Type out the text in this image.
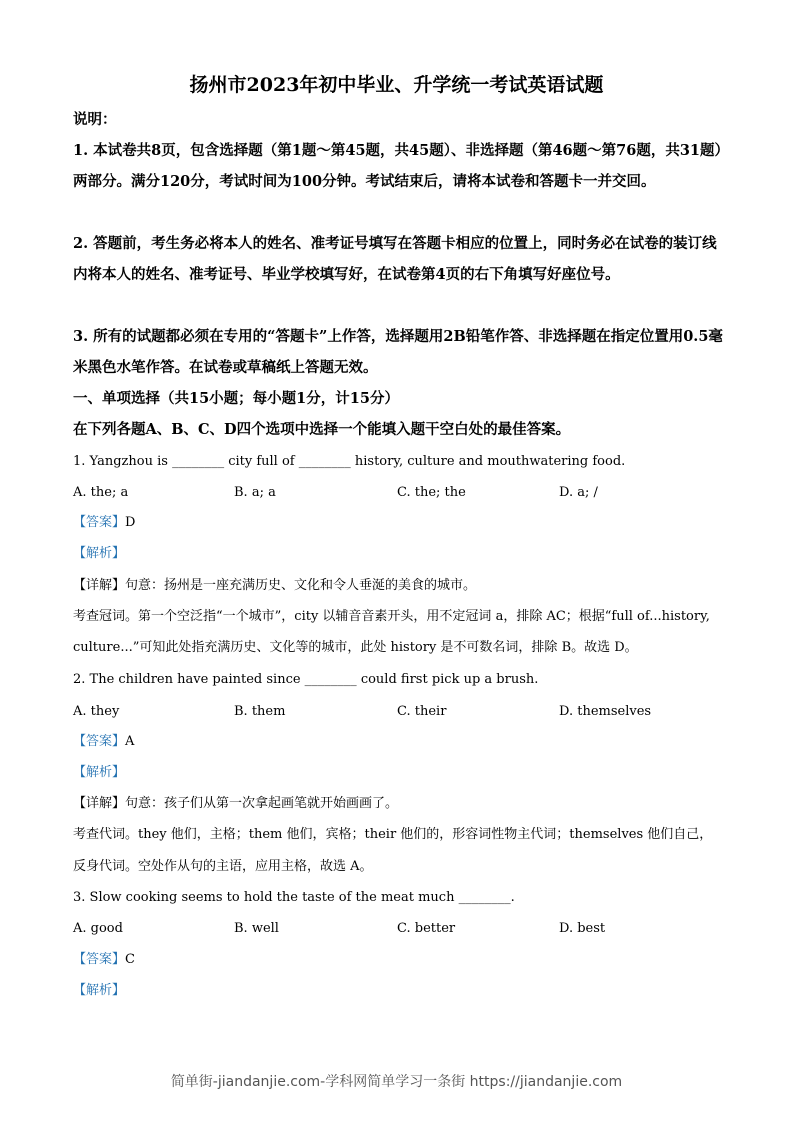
扬州市2023年初中毕业、升学统一考试英语试题
说明：
1. 本试卷共8页，包含选择题（第1题～第45题，共45题）、非选择题（第46题～第76题，共31题）两部分。满分120分，考试时间为100分钟。考试结束后，请将本试卷和答题卡一并交回。
2. 答题前，考生务必将本人的姓名、准考证号填写在答题卡相应的位置上，同时务必在试卷的装订线内将本人的姓名、准考证号、毕业学校填写好，在试卷第4页的右下角填写好座位号。
3. 所有的试题都必须在专用的“答题卡”上作答，选择题用2B铅笔作答、非选择题在指定位置用0.5毫米黑色水笔作答。在试卷或草稿纸上答题无效。
一、单项选择（共15小题；每小题1分，计15分）
在下列各题A、B、C、D四个选项中选择一个能填入题干空白处的最佳答案。
1. Yangzhou is ________ city full of ________ history, culture and mouthwatering food.
A. the; a	B. a; a	C. the; the	D. a; /
【答案】D
【解析】
【详解】句意：扬州是一座充满历史、文化和令人垂涎的美食的城市。
考查冠词。第一个空泛指“一个城市”，city 以辅音音素开头，用不定冠词 a，排除 AC；根据“full of...history,
culture...”可知此处指充满历史、文化等的城市，此处 history 是不可数名词，排除 B。故选 D。
2. The children have painted since ________ could first pick up a brush.
A. they	B. them	C. their	D. themselves
【答案】A
【解析】
【详解】句意：孩子们从第一次拿起画笔就开始画画了。
考查代词。they 他们，主格；them 他们，宾格；their 他们的，形容词性物主代词；themselves 他们自己，
反身代词。空处作从句的主语，应用主格，故选 A。
3. Slow cooking seems to hold the taste of the meat much ________.
A. good	B. well	C. better	D. best
【答案】C
【解析】
简单街-jiandanjie.com-学科网简单学习一条街 https://jiandanjie.com
